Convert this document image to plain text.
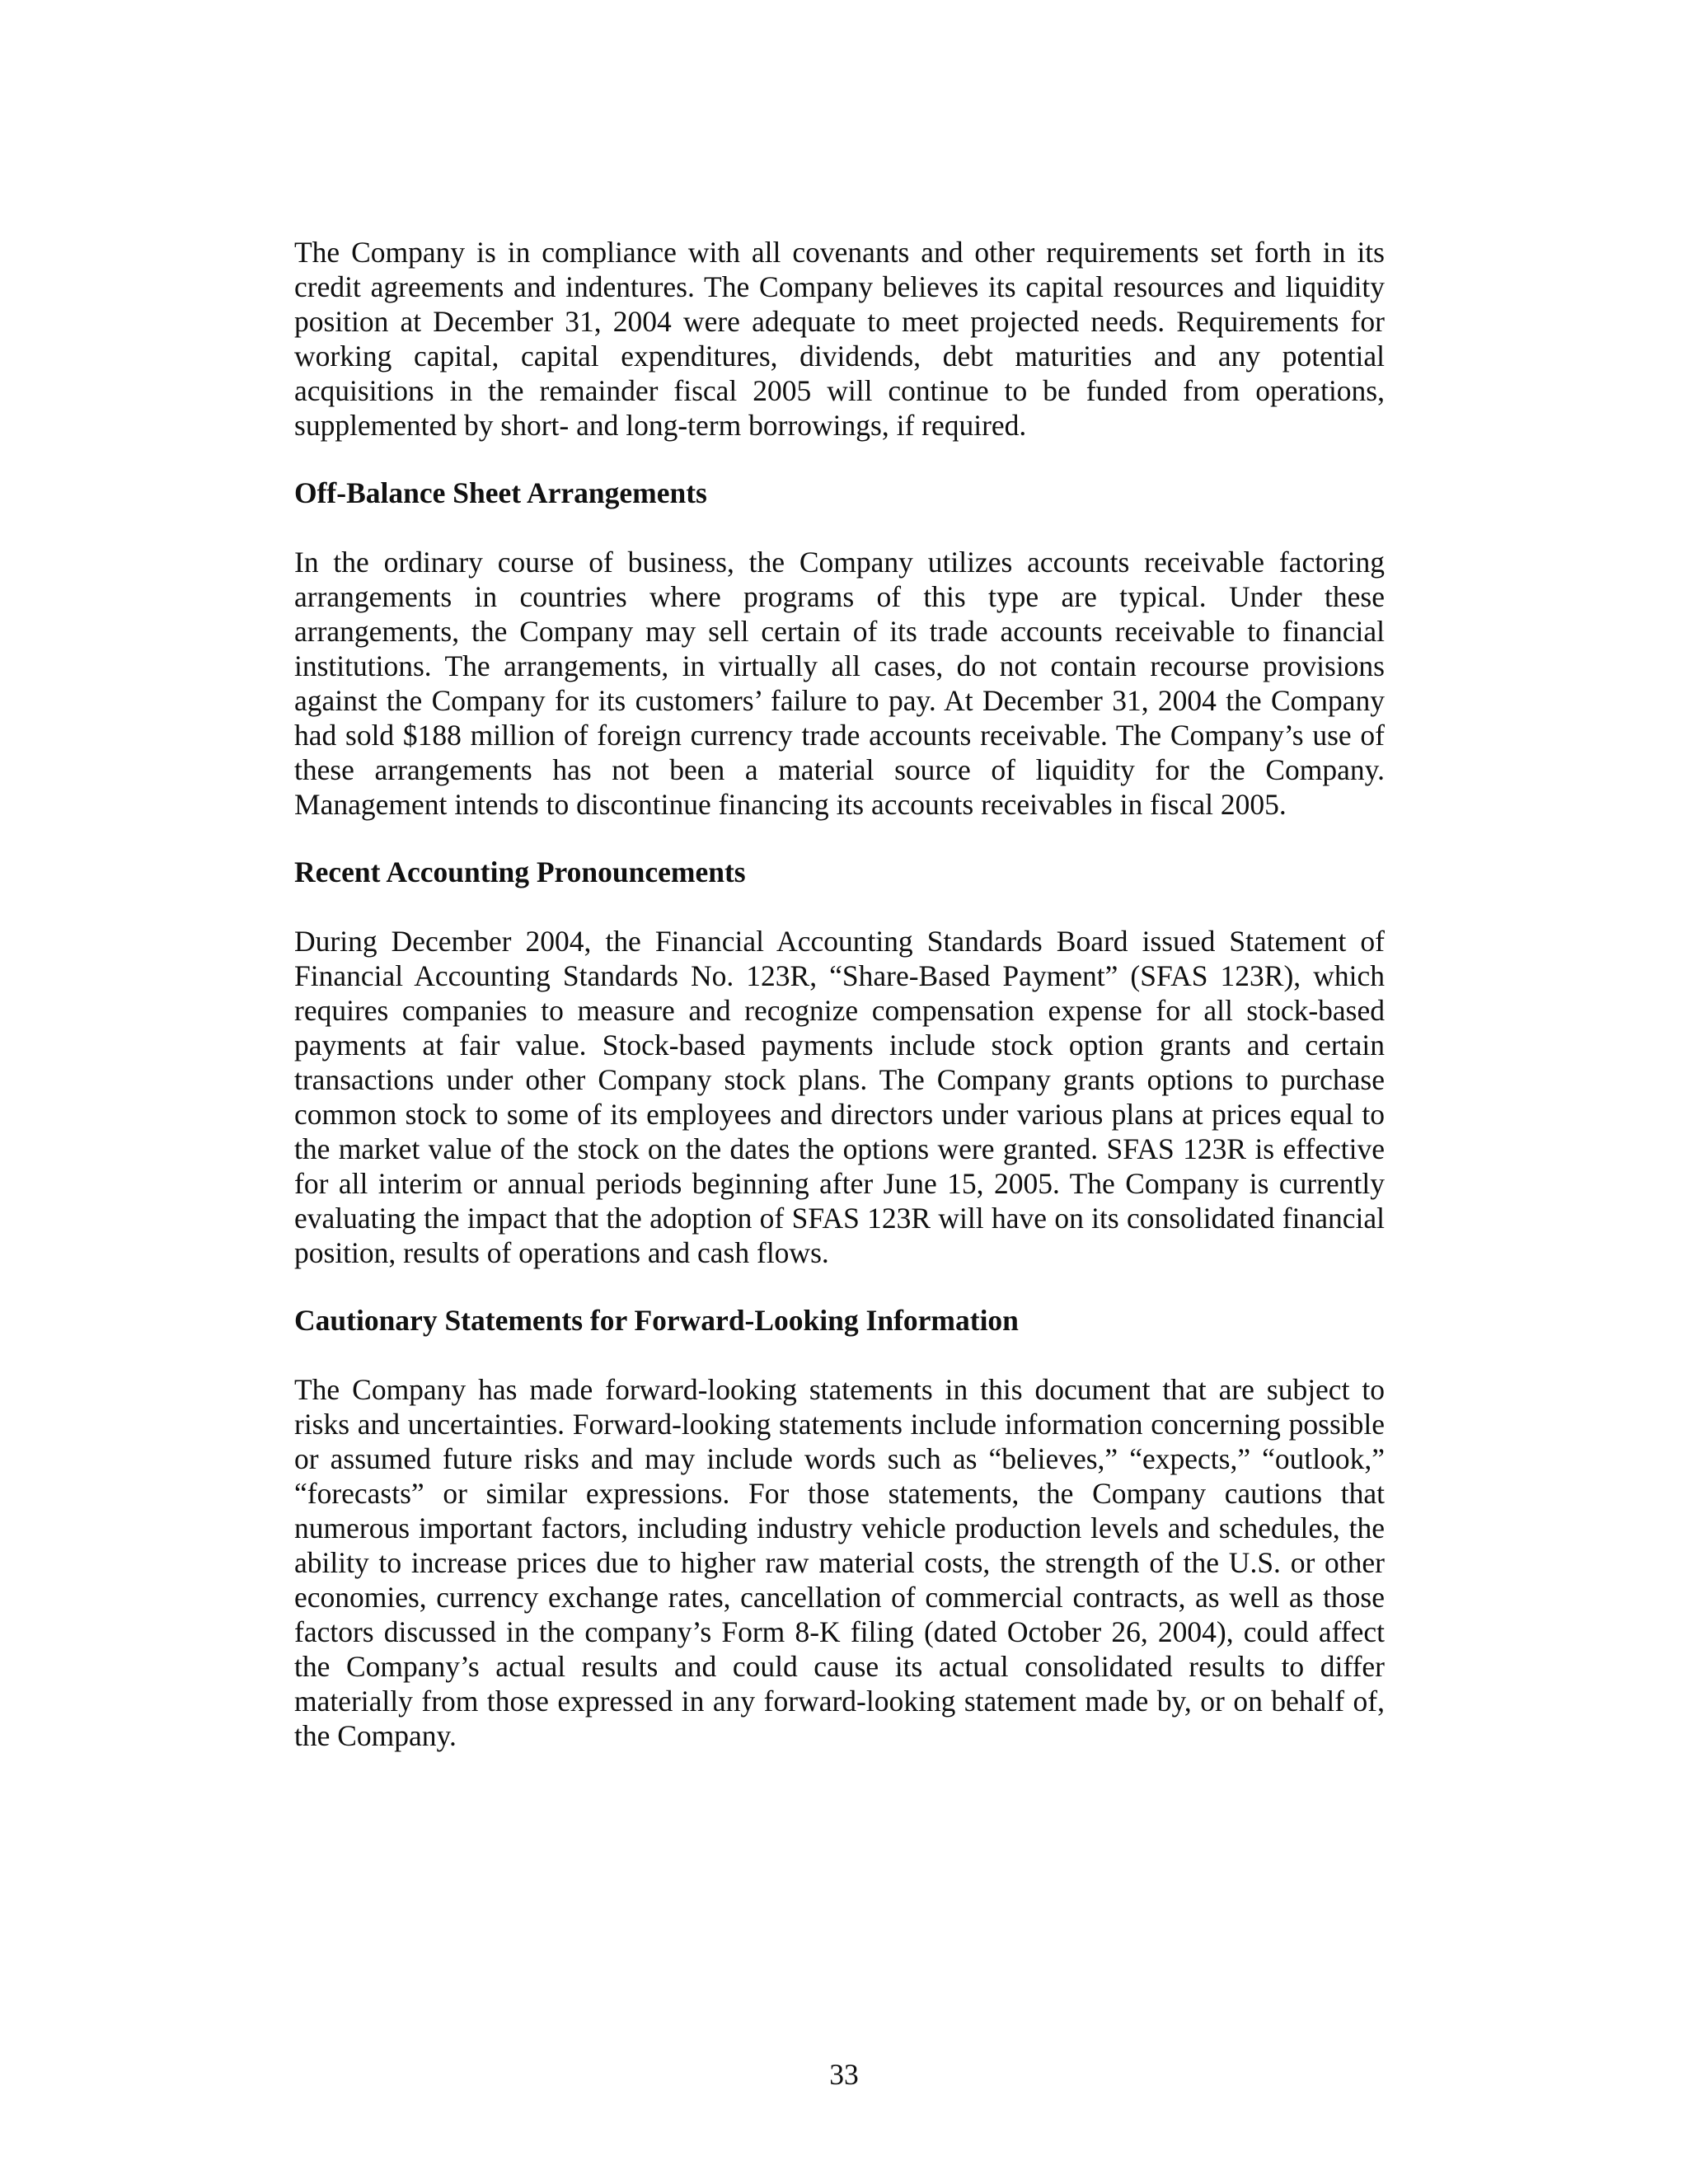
The Company is in compliance with all covenants and other requirements set forth in its credit agreements and indentures. The Company believes its capital resources and liquidity position at December 31, 2004 were adequate to meet projected needs. Requirements for working capital, capital expenditures, dividends, debt maturities and any potential acquisitions in the remainder fiscal 2005 will continue to be funded from operations, supplemented by short- and long-term borrowings, if required.

Off-Balance Sheet Arrangements

In the ordinary course of business, the Company utilizes accounts receivable factoring arrangements in countries where programs of this type are typical. Under these arrangements, the Company may sell certain of its trade accounts receivable to financial institutions. The arrangements, in virtually all cases, do not contain recourse provisions against the Company for its customers’ failure to pay. At December 31, 2004 the Company had sold $188 million of foreign currency trade accounts receivable. The Company’s use of these arrangements has not been a material source of liquidity for the Company. Management intends to discontinue financing its accounts receivables in fiscal 2005.

Recent Accounting Pronouncements

During December 2004, the Financial Accounting Standards Board issued Statement of Financial Accounting Standards No. 123R, “Share-Based Payment” (SFAS 123R), which requires companies to measure and recognize compensation expense for all stock-based payments at fair value. Stock-based payments include stock option grants and certain transactions under other Company stock plans. The Company grants options to purchase common stock to some of its employees and directors under various plans at prices equal to the market value of the stock on the dates the options were granted. SFAS 123R is effective for all interim or annual periods beginning after June 15, 2005. The Company is currently evaluating the impact that the adoption of SFAS 123R will have on its consolidated financial position, results of operations and cash flows.

Cautionary Statements for Forward-Looking Information

The Company has made forward-looking statements in this document that are subject to risks and uncertainties. Forward-looking statements include information concerning possible or assumed future risks and may include words such as “believes,” “expects,” “outlook,” “forecasts” or similar expressions. For those statements, the Company cautions that numerous important factors, including industry vehicle production levels and schedules, the ability to increase prices due to higher raw material costs, the strength of the U.S. or other economies, currency exchange rates, cancellation of commercial contracts, as well as those factors discussed in the company’s Form 8-K filing (dated October 26, 2004), could affect the Company’s actual results and could cause its actual consolidated results to differ materially from those expressed in any forward-looking statement made by, or on behalf of, the Company.

33
